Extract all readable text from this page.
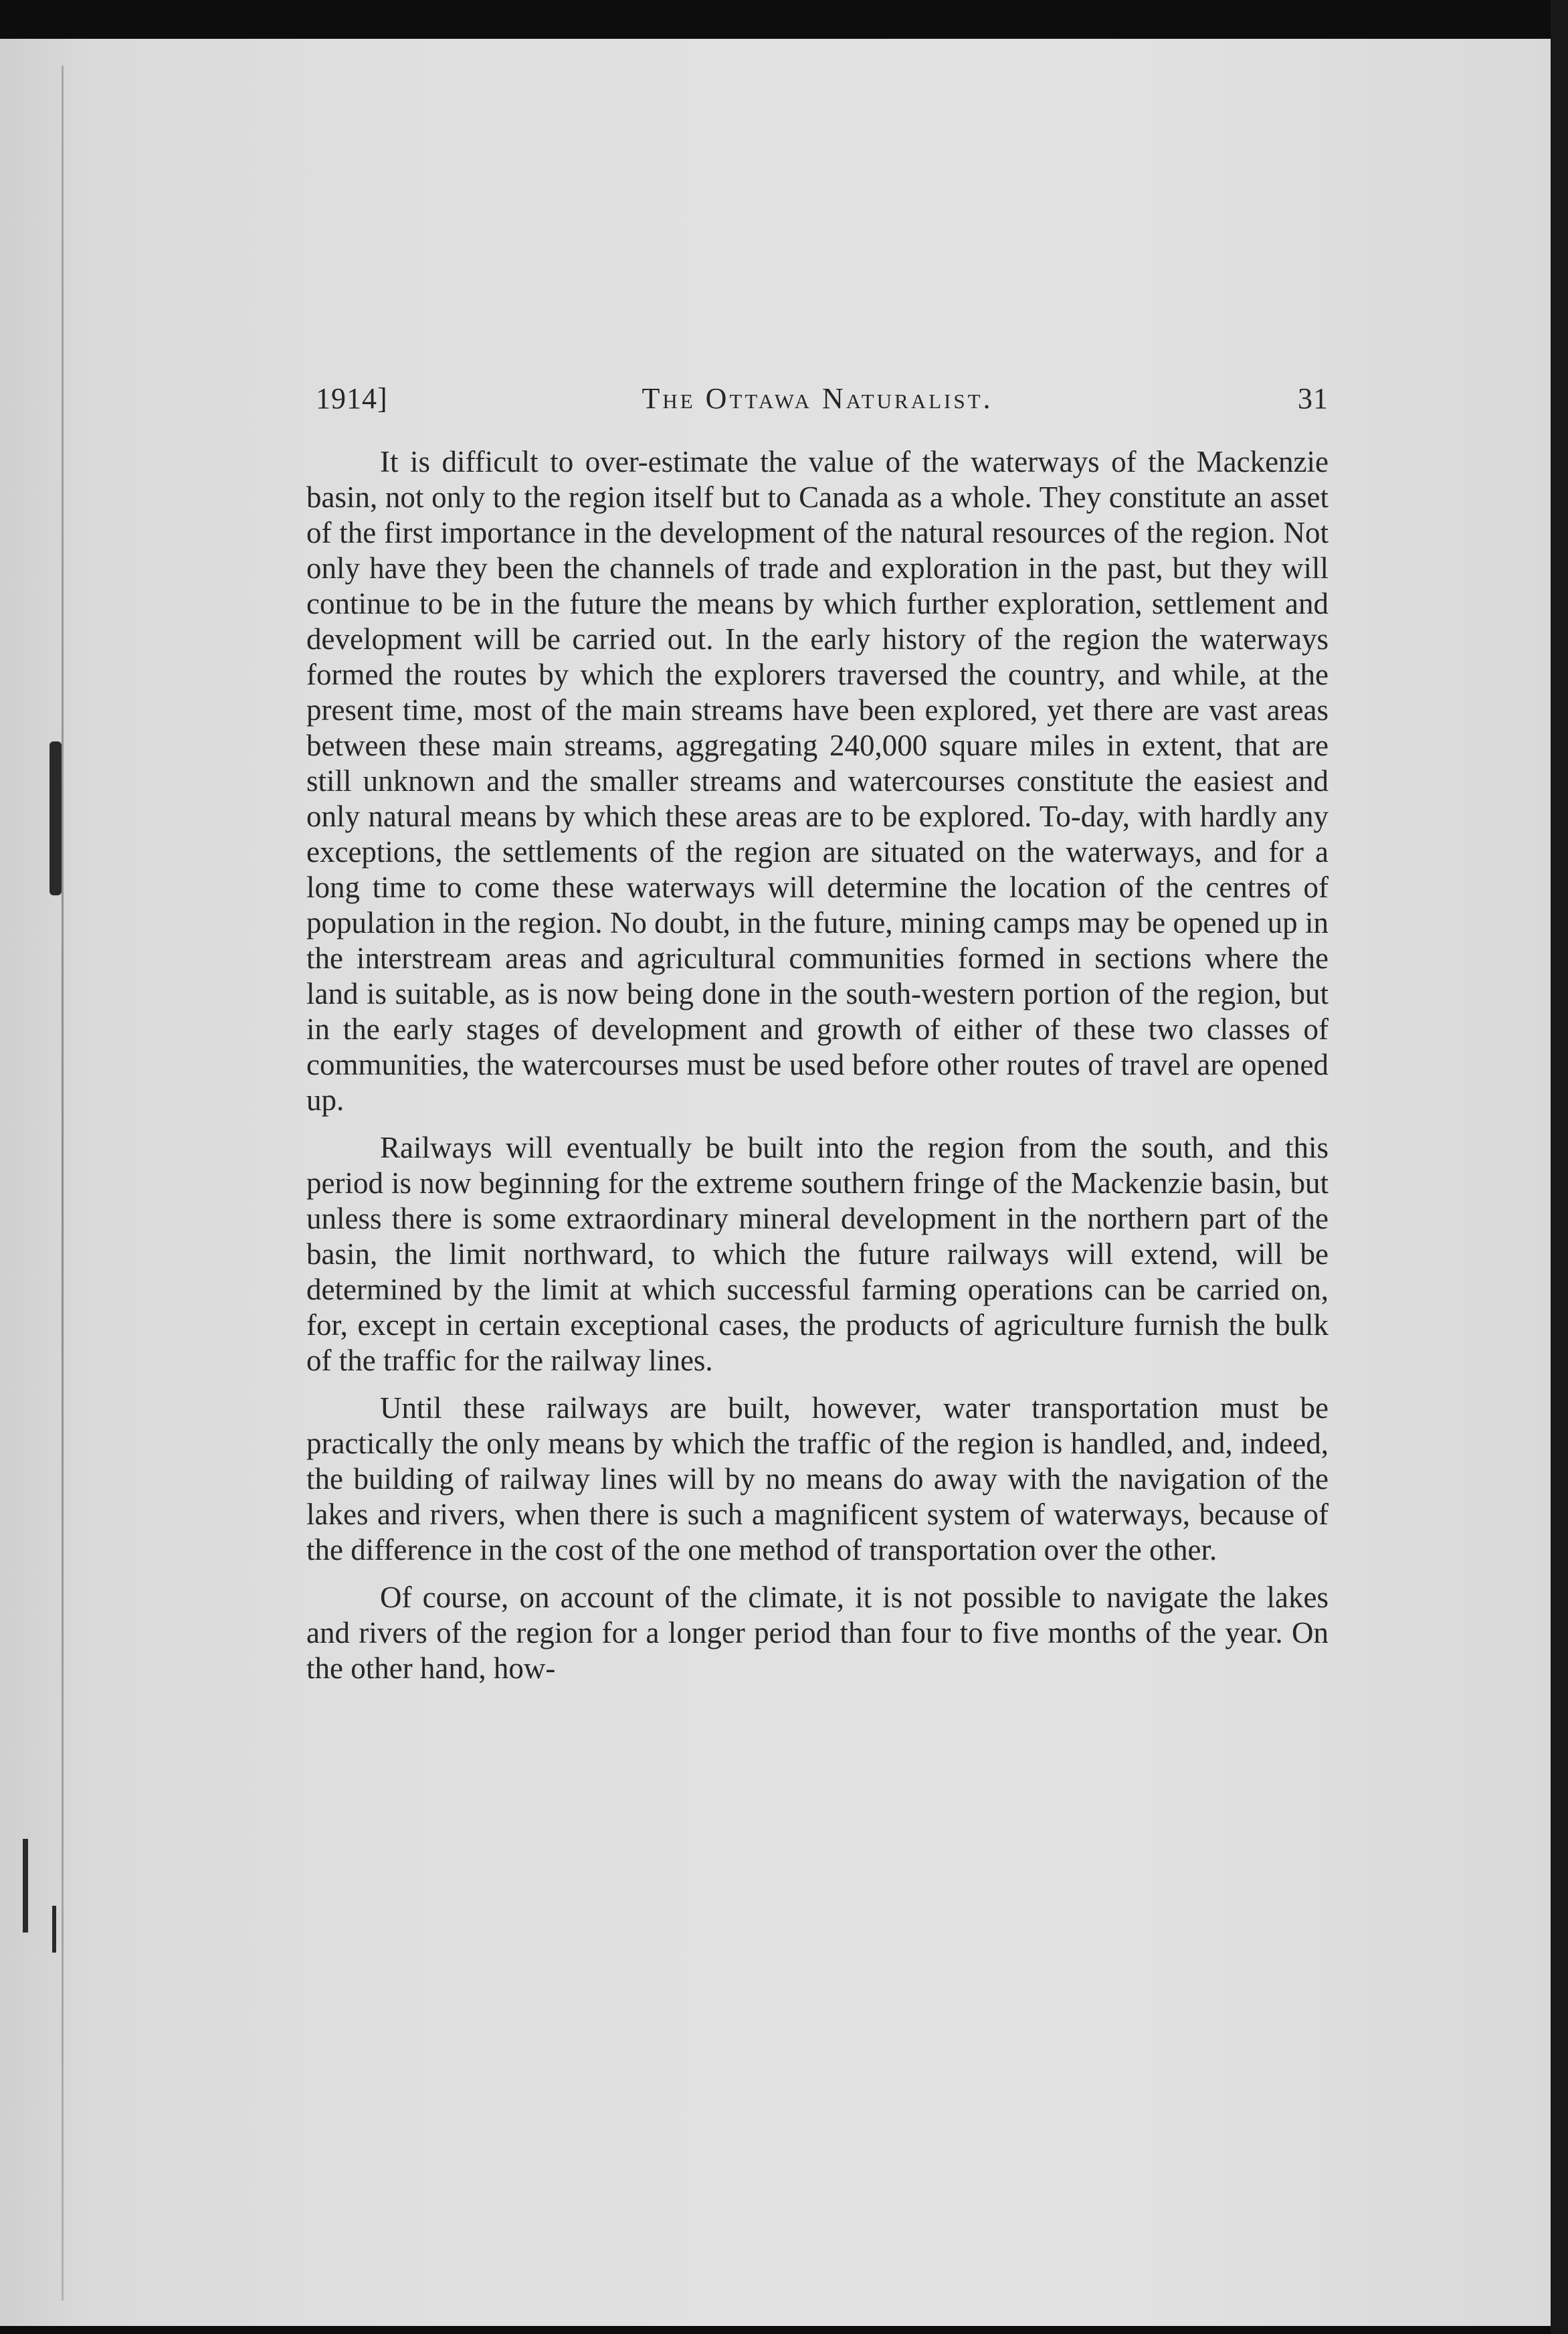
1914]	The Ottawa Naturalist.	31

It is difficult to over-estimate the value of the waterways of the Mackenzie basin, not only to the region itself but to Canada as a whole. They constitute an asset of the first importance in the development of the natural resources of the region. Not only have they been the channels of trade and exploration in the past, but they will continue to be in the future the means by which further exploration, settlement and development will be carried out. In the early history of the region the waterways formed the routes by which the explorers traversed the country, and while, at the present time, most of the main streams have been explored, yet there are vast areas between these main streams, aggregating 240,000 square miles in extent, that are still unknown and the smaller streams and watercourses constitute the easiest and only natural means by which these areas are to be explored. To-day, with hardly any exceptions, the settlements of the region are situated on the waterways, and for a long time to come these waterways will determine the location of the centres of population in the region. No doubt, in the future, mining camps may be opened up in the interstream areas and agricultural communities formed in sections where the land is suitable, as is now being done in the south-western portion of the region, but in the early stages of development and growth of either of these two classes of communities, the watercourses must be used before other routes of travel are opened up.

Railways will eventually be built into the region from the south, and this period is now beginning for the extreme southern fringe of the Mackenzie basin, but unless there is some extraordinary mineral development in the northern part of the basin, the limit northward, to which the future railways will extend, will be determined by the limit at which successful farming operations can be carried on, for, except in certain exceptional cases, the products of agriculture furnish the bulk of the traffic for the railway lines.

Until these railways are built, however, water transportation must be practically the only means by which the traffic of the region is handled, and, indeed, the building of railway lines will by no means do away with the navigation of the lakes and rivers, when there is such a magnificent system of waterways, because of the difference in the cost of the one method of transportation over the other.

Of course, on account of the climate, it is not possible to navigate the lakes and rivers of the region for a longer period than four to five months of the year. On the other hand, how-
